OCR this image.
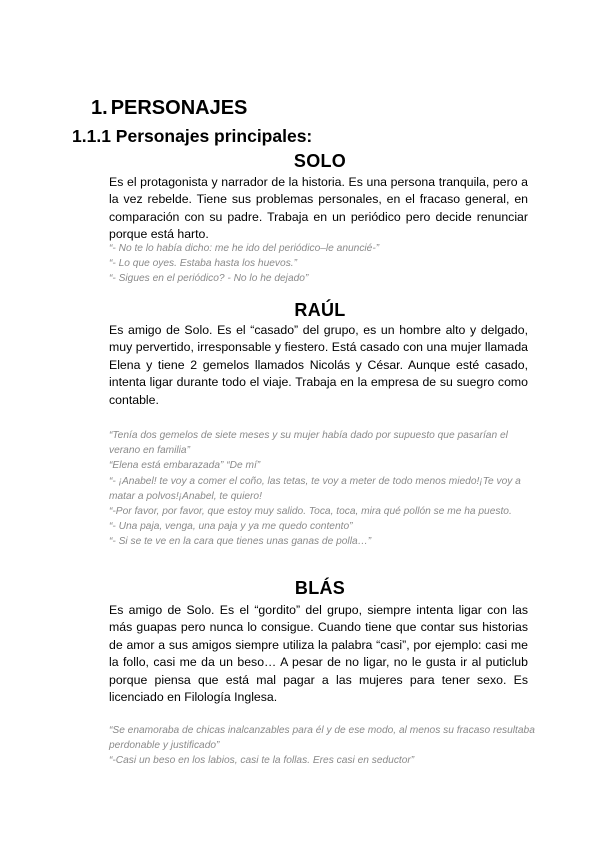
1. PERSONAJES
1.1.1 Personajes principales:
SOLO

Es el protagonista y narrador de la historia. Es una persona tranquila, pero a la vez rebelde. Tiene sus problemas personales, en el fracaso general, en comparación con su padre. Trabaja en un periódico pero decide renunciar porque está harto.

“- No te lo había dicho: me he ido del periódico–le anuncié-”
“- Lo que oyes. Estaba hasta los huevos.”
“- Sigues en el periódico? - No lo he dejado”
RAÚL

Es amigo de Solo. Es el “casado” del grupo, es un hombre alto y delgado, muy pervertido, irresponsable y fiestero. Está casado con una mujer llamada Elena y tiene 2 gemelos llamados Nicolás y César. Aunque esté casado, intenta ligar durante todo el viaje. Trabaja en la empresa de su suegro como contable.

“Tenía dos gemelos de siete meses y su mujer había dado por supuesto que pasarían el verano en familia”
“Elena está embarazada” “De mí”
“- ¡Anabel! te voy a comer el coño, las tetas, te voy a meter de todo menos miedo!¡Te voy a matar a polvos!¡Anabel, te quiero!
“-Por favor, por favor, que estoy muy salido. Toca, toca, mira qué pollón se me ha puesto.
“- Una paja, venga, una paja y ya me quedo contento”
“- Si se te ve en la cara que tienes unas ganas de polla…”
BLÁS

Es amigo de Solo. Es el “gordito” del grupo, siempre intenta ligar con las más guapas pero nunca lo consigue. Cuando tiene que contar sus historias de amor a sus amigos siempre utiliza la palabra “casi”, por ejemplo: casi me la follo, casi me da un beso… A pesar de no ligar, no le gusta ir al puticlub porque piensa que está mal pagar a las mujeres para tener sexo. Es licenciado en Filología Inglesa.

“Se enamoraba de chicas inalcanzables para él y de ese modo, al menos su fracaso resultaba perdonable y justificado”
“-Casi un beso en los labios, casi te la follas. Eres casi en seductor”
